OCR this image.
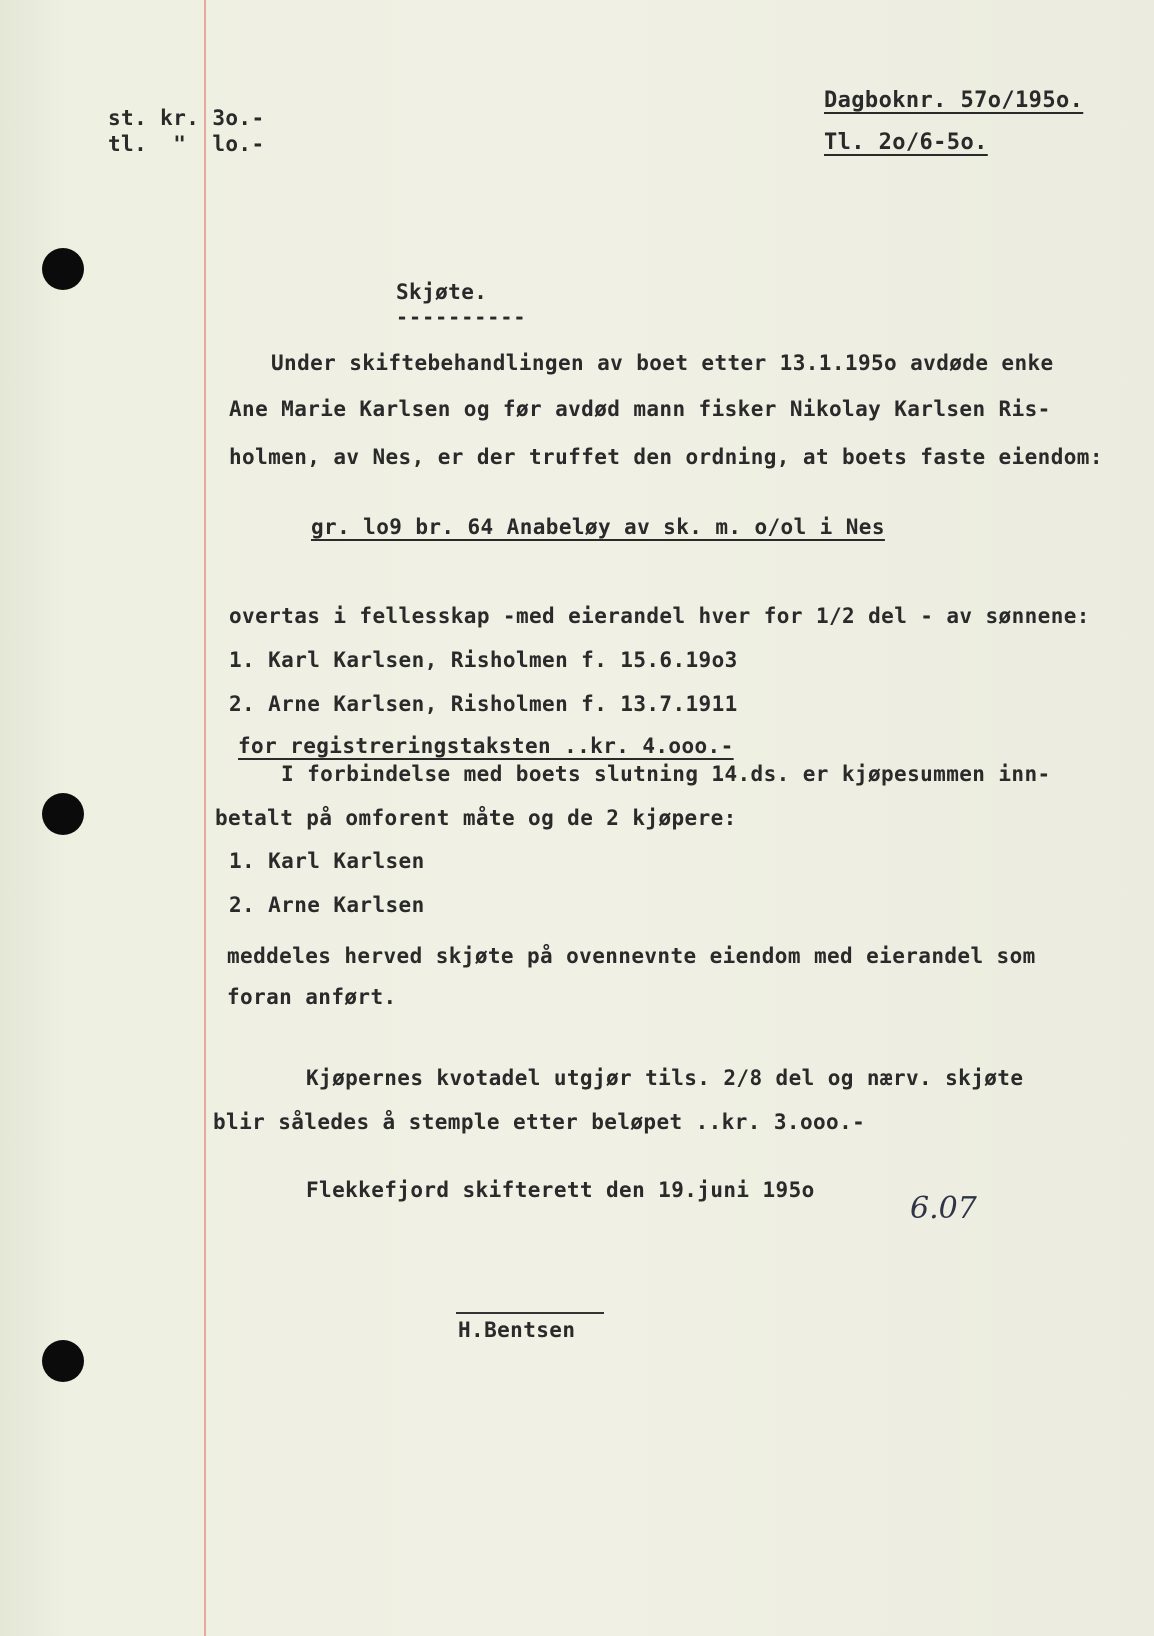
st. kr. 3o.-
tl.  "  lo.-
Dagboknr. 57o/195o.
Tl. 2o/6-5o.
Skjøte.
----------
Under skiftebehandlingen av boet etter 13.1.195o avdøde enke
Ane Marie Karlsen og før avdød mann fisker Nikolay Karlsen Ris-
holmen, av Nes, er der truffet den ordning, at boets faste eiendom:
gr. lo9 br. 64 Anabeløy av sk. m. o/ol i Nes
overtas i fellesskap -med eierandel hver for 1/2 del - av sønnene:
1. Karl Karlsen, Risholmen f. 15.6.19o3
2. Arne Karlsen, Risholmen f. 13.7.1911
for registreringstaksten ..kr. 4.ooo.-
I forbindelse med boets slutning 14.ds. er kjøpesummen inn-
betalt på omforent måte og de 2 kjøpere:
1. Karl Karlsen
2. Arne Karlsen
meddeles herved skjøte på ovennevnte eiendom med eierandel som
foran anført.
Kjøpernes kvotadel utgjør tils. 2/8 del og nærv. skjøte
blir således å stemple etter beløpet ..kr. 3.ooo.-
Flekkefjord skifterett den 19.juni 195o
6.07
H.Bentsen
